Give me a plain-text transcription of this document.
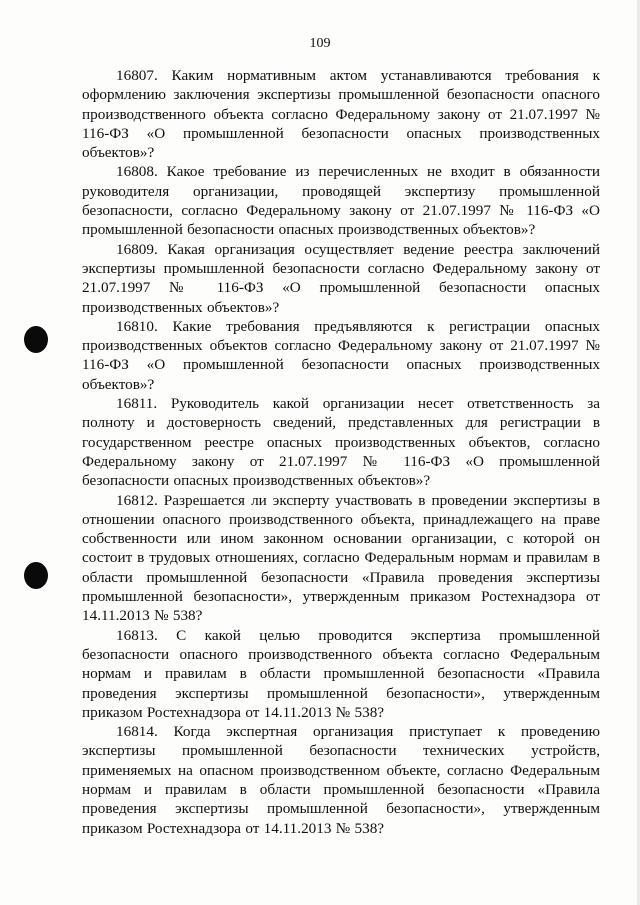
109

16807. Каким нормативным актом устанавливаются требования к оформлению заключения экспертизы промышленной безопасности опасного производственного объекта согласно Федеральному закону от 21.07.1997 № 116-ФЗ «О промышленной безопасности опасных производственных объектов»?

16808. Какое требование из перечисленных не входит в обязанности руководителя организации, проводящей экспертизу промышленной безопасности, согласно Федеральному закону от 21.07.1997 № 116-ФЗ «О промышленной безопасности опасных производственных объектов»?

16809. Какая организация осуществляет ведение реестра заключений экспертизы промышленной безопасности согласно Федеральному закону от 21.07.1997 № 116-ФЗ «О промышленной безопасности опасных производственных объектов»?

16810. Какие требования предъявляются к регистрации опасных производственных объектов согласно Федеральному закону от 21.07.1997 № 116-ФЗ «О промышленной безопасности опасных производственных объектов»?

16811. Руководитель какой организации несет ответственность за полноту и достоверность сведений, представленных для регистрации в государственном реестре опасных производственных объектов, согласно Федеральному закону от 21.07.1997 № 116-ФЗ «О промышленной безопасности опасных производственных объектов»?

16812. Разрешается ли эксперту участвовать в проведении экспертизы в отношении опасного производственного объекта, принадлежащего на праве собственности или ином законном основании организации, с которой он состоит в трудовых отношениях, согласно Федеральным нормам и правилам в области промышленной безопасности «Правила проведения экспертизы промышленной безопасности», утвержденным приказом Ростехнадзора от 14.11.2013 № 538?

16813. С какой целью проводится экспертиза промышленной безопасности опасного производственного объекта согласно Федеральным нормам и правилам в области промышленной безопасности «Правила проведения экспертизы промышленной безопасности», утвержденным приказом Ростехнадзора от 14.11.2013 № 538?

16814. Когда экспертная организация приступает к проведению экспертизы промышленной безопасности технических устройств, применяемых на опасном производственном объекте, согласно Федеральным нормам и правилам в области промышленной безопасности «Правила проведения экспертизы промышленной безопасности», утвержденным приказом Ростехнадзора от 14.11.2013 № 538?
